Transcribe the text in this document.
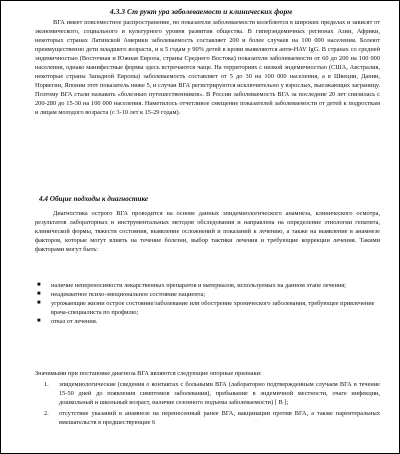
4.3.3 Ст рукт ура заболеваемост и клинических форм

ВГА имеет повсеместное распространение, но показатели заболеваемости колеблются в широких пределах и зависят от экономического, социального и культурного уровня развития общества. В гиперэндемичных регионах Азии, Африки, некоторых странах Латинской Америки заболеваемость составляет 200 и более случаев на 100 000 населения. Болеют преимущественно дети младшего возраста, и к 5 годам у 90% детей в крови выявляются анти-HAV IgG. В странах со средней эндемичностью (Восточная и Южная Европа, страны Среднего Востока) показатели заболеваемости от 60 до 200 на 100 000 населения, однако манифестные формы здесь встречаются чаще. На территориях с низкой эндемичностью (США, Австралия, некоторые страны Западной Европы) заболеваемость составляет от 5 до 30 на 100 000 населения, а в Швеции, Дании, Норвегии, Японии этот показатель ниже 5, и случаи ВГА регистрируются исключительно у взрослых, выезжающих заграницу. Поэтому ВГА стали называть «болезнью путешественников». В России заболеваемость ВГА за последние 20 лет снизилась с 200-280 до 15-30 на 100 000 населения. Наметилось отчетливое смещение показателей заболеваемости от детей к подросткам и лицам молодого возраста (с 3-10 лет к 15-29 годам).

4.4 Общие подходы к диагностике

Диагностика острого ВГА проводится на основе данных эпидемиологического анамнеза, клинического осмотра, результатов лабораторных и инструментальных методов обследования и направлена на определение этиологии гепатита, клинической формы, тяжести состояния, выявление осложнений и показаний к лечению, а также на выявление в анамнезе факторов, которые могут влиять на течение болезни, выбор тактики лечения и требующие коррекции лечения. Такими факторами могут быть:

■ наличие непереносимости лекарственных препаратов и материалов, используемых на данном этапе лечения;
■ неадекватное психо-эмоциональное состояние пациента;
■ угрожающие жизни острое состояние/заболевание или обострение хронического заболевания, требующее привлечение врача-специалиста по профилю;
■ отказ от лечения.
Значимыми при постановке диагноза ВГА являются следующие опорные признаки:
1. эпидемиологические (сведения о контактах с больными ВГА (лабораторно подтвержденным случаем ВГА в течение 15-50 дней до появления симптомов заболевания), пребывание в эндемичной местности, очаге инфекции, дошкольный и школьный возраст, наличие сезонного подъема заболеваемости) [ В ];
2. отсутствие указаний в анамнезе на перенесенный ранее ВГА, вакцинации против ВГА, а также парентеральных вмешательств в предшествующие 6
